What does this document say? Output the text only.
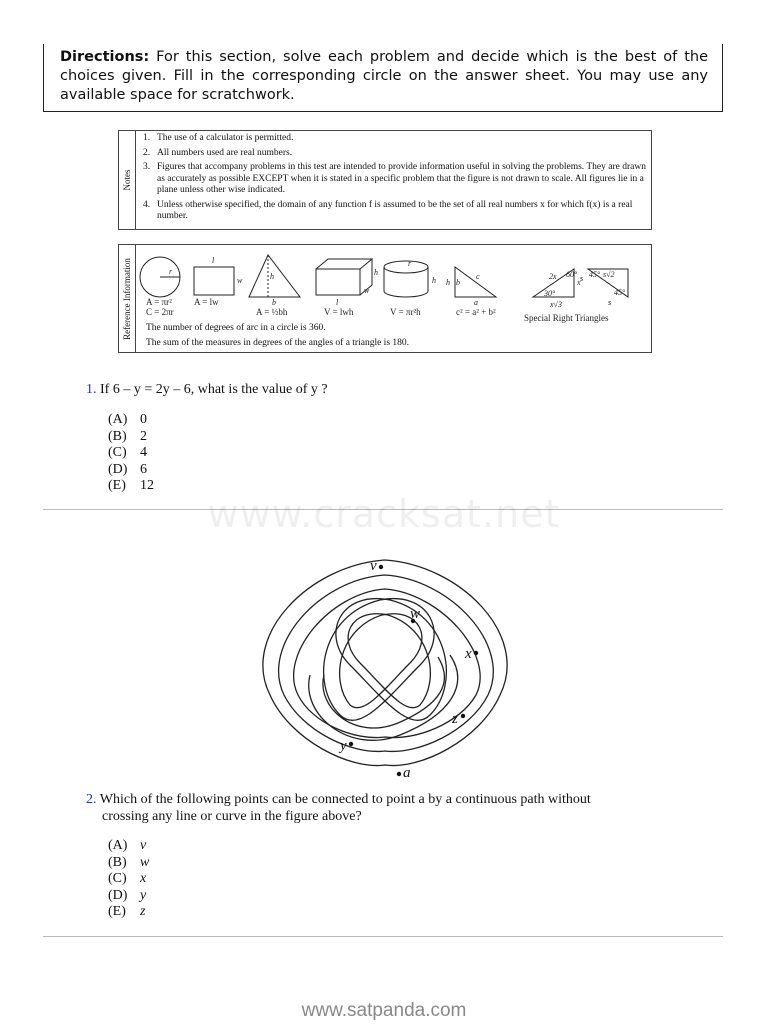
Directions: For this section, solve each problem and decide which is the best of the choices given. Fill in the corresponding circle on the answer sheet. You may use any available space for scratchwork.
Notes
1. The use of a calculator is permitted.
2. All numbers used are real numbers.
3. Figures that accompany problems in this test are intended to provide information useful in solving the problems. They are drawn as accurately as possible EXCEPT when it is stated in a specific problem that the figure is not drawn to scale. All figures lie in a plane unless other wise indicated.
4. Unless otherwise specified, the domain of any function f is assumed to be the set of all real numbers x for which f(x) is a real number.
Reference Information	r
l
w	h
b
w
h
l
r
h h b
c
a
2x 60°
30°
x
x√3
45° s√2
45°
s
s
A = πr²
C = 2πr
A = lw
A = ½bh	V = lwh	V = πr²h	c² = a² + b²
Special Right Triangles
The number of degrees of arc in a circle is 360.
The sum of the measures in degrees of the angles of a triangle is 180.
1. If 6 – y = 2y – 6, what is the value of y ?
(A) 0
(B) 2
(C) 4
(D) 6
(E) 12
www.cracksat.net
v
w
x
z
y
a
2. Which of the following points can be connected to point a by a continuous path without
crossing any line or curve in the figure above?
(A) v
(B) w
(C) x
(D) y
(E) z
www.satpanda.com
